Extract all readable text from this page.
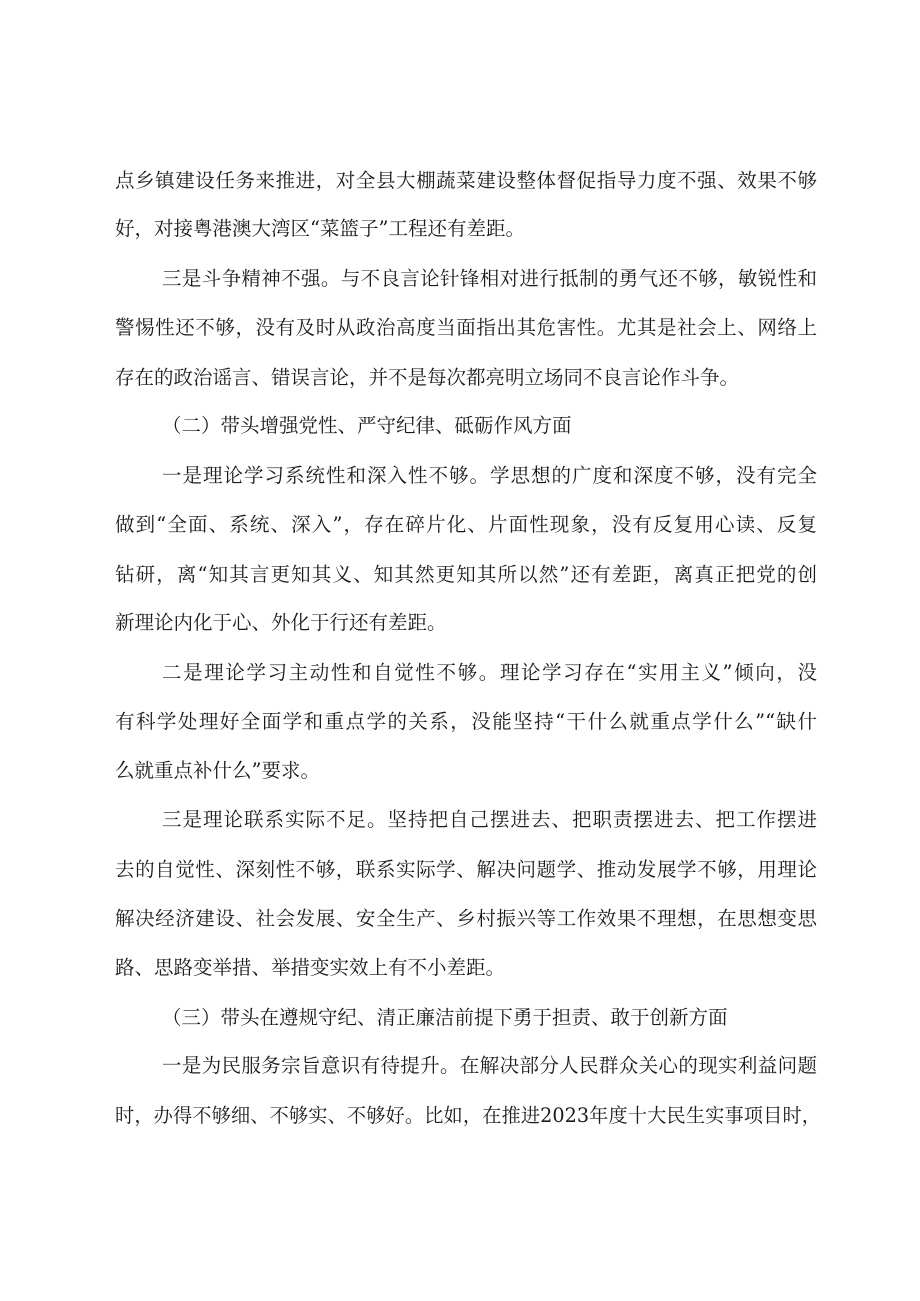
点乡镇建设任务来推进，对全县大棚蔬菜建设整体督促指导力度不强、效果不够
好，对接粤港澳大湾区“菜篮子”工程还有差距。
三是斗争精神不强。与不良言论针锋相对进行抵制的勇气还不够，敏锐性和
警惕性还不够，没有及时从政治高度当面指出其危害性。尤其是社会上、网络上
存在的政治谣言、错误言论，并不是每次都亮明立场同不良言论作斗争。
（二）带头增强党性、严守纪律、砥砺作风方面
一是理论学习系统性和深入性不够。学思想的广度和深度不够，没有完全
做到“全面、系统、深入”，存在碎片化、片面性现象，没有反复用心读、反复
钻研，离“知其言更知其义、知其然更知其所以然”还有差距，离真正把党的创
新理论内化于心、外化于行还有差距。
二是理论学习主动性和自觉性不够。理论学习存在“实用主义”倾向，没
有科学处理好全面学和重点学的关系，没能坚持“干什么就重点学什么”“缺什
么就重点补什么”要求。
三是理论联系实际不足。坚持把自己摆进去、把职责摆进去、把工作摆进
去的自觉性、深刻性不够，联系实际学、解决问题学、推动发展学不够，用理论
解决经济建设、社会发展、安全生产、乡村振兴等工作效果不理想，在思想变思
路、思路变举措、举措变实效上有不小差距。
（三）带头在遵规守纪、清正廉洁前提下勇于担责、敢于创新方面
一是为民服务宗旨意识有待提升。在解决部分人民群众关心的现实利益问题
时，办得不够细、不够实、不够好。比如，在推进2023年度十大民生实事项目时，
